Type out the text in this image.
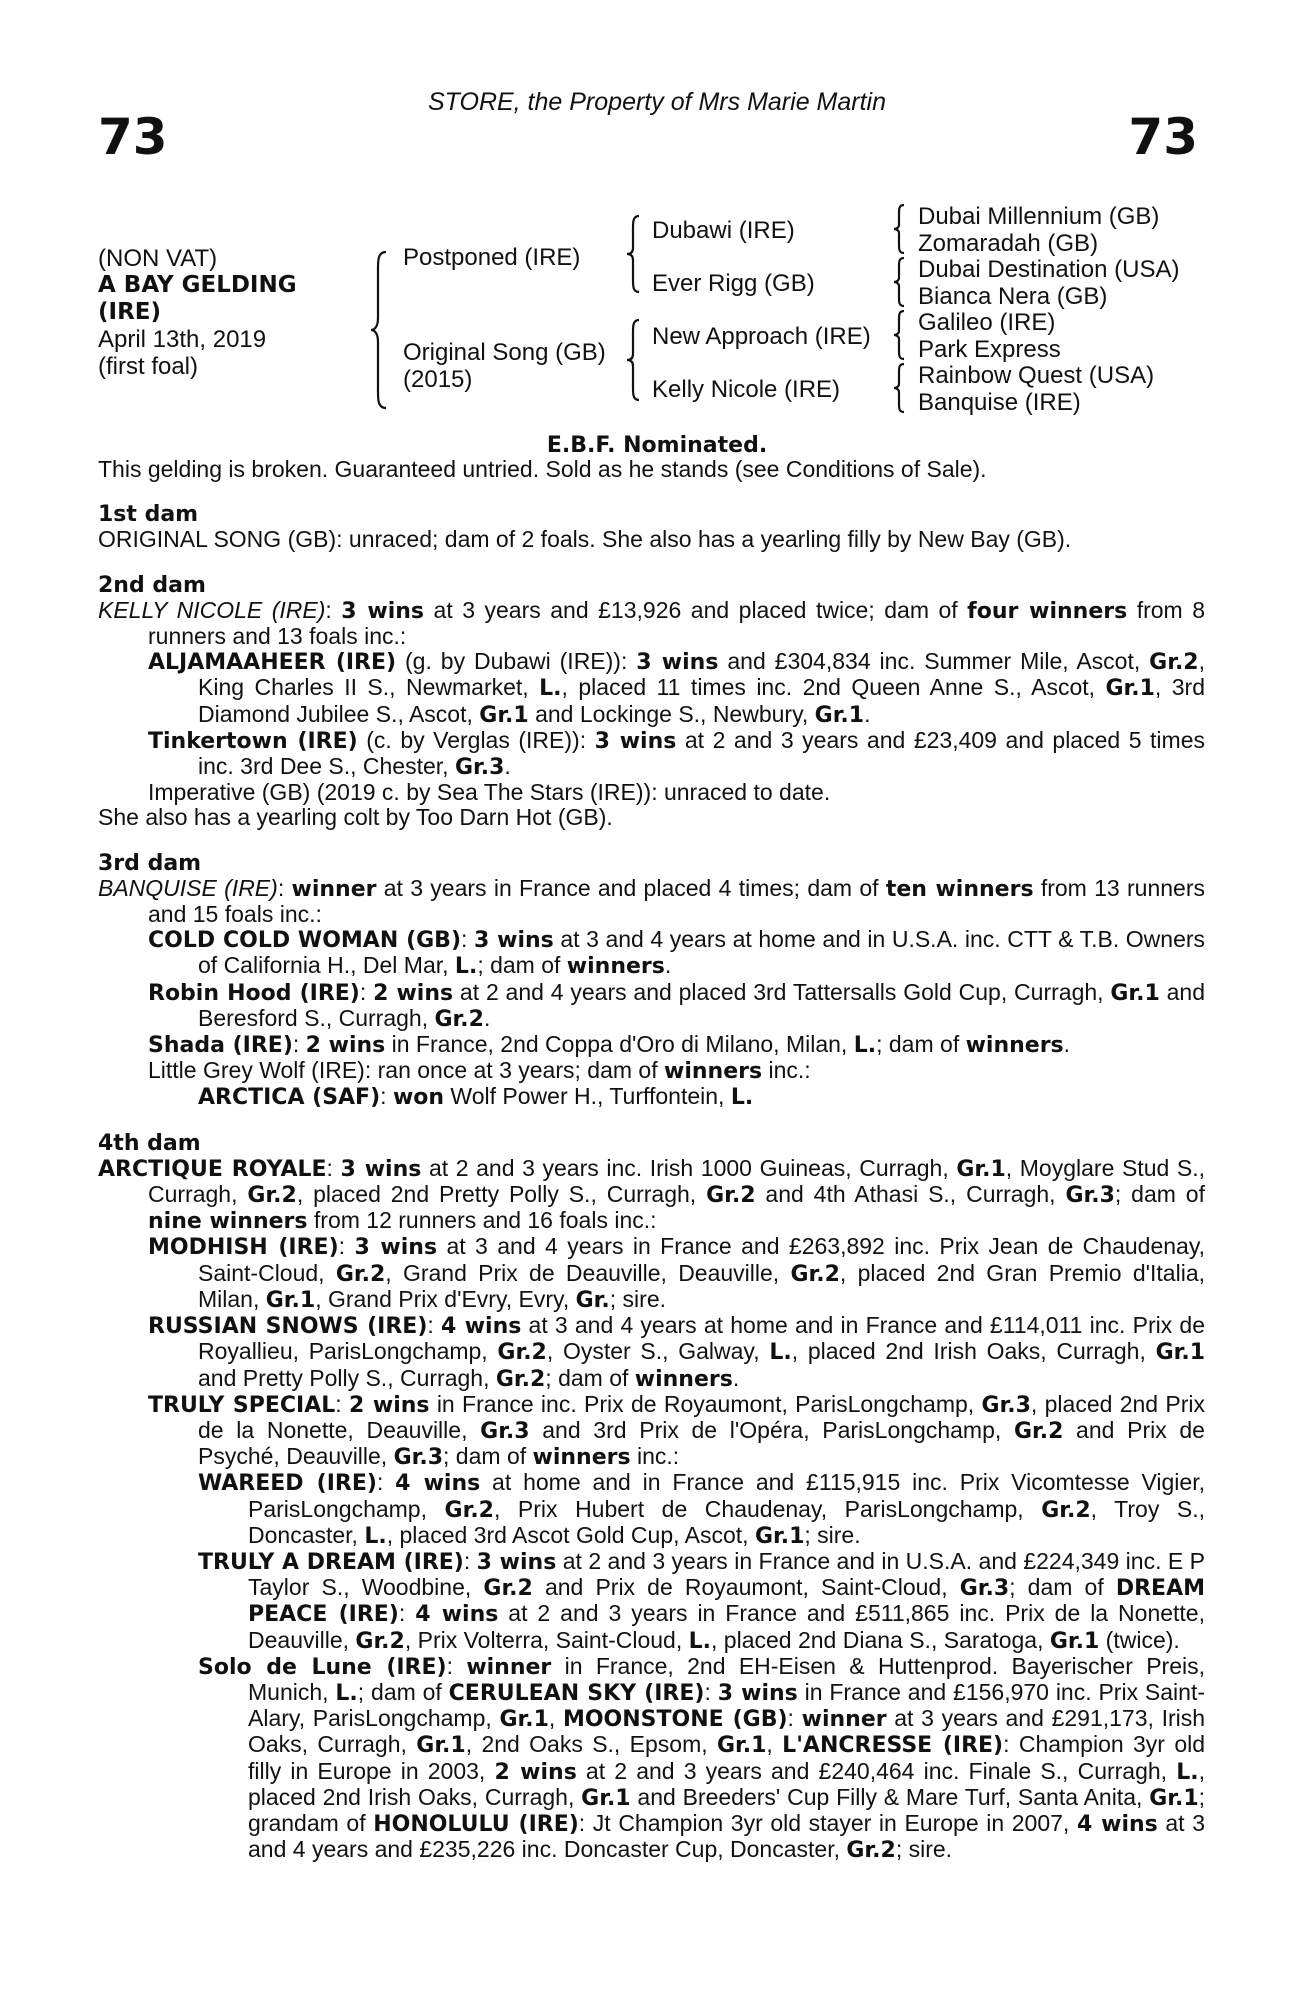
73
STORE, the Property of Mrs Marie Martin
73
(NON VAT)
A BAY GELDING
(IRE)
April 13th, 2019
(first foal)
Postponed (IRE)
Original Song (GB)
(2015)
Dubawi (IRE)
Ever Rigg (GB)
New Approach (IRE)
Kelly Nicole (IRE)
Dubai Millennium (GB)
Zomaradah (GB)
Dubai Destination (USA)
Bianca Nera (GB)
Galileo (IRE)
Park Express
Rainbow Quest (USA)
Banquise (IRE)
E.B.F. Nominated.

This gelding is broken. Guaranteed untried. Sold as he stands (see Conditions of Sale).

1st dam

ORIGINAL SONG (GB): unraced; dam of 2 foals. She also has a yearling filly by New Bay (GB).

2nd dam

KELLY NICOLE (IRE): 3 wins at 3 years and £13,926 and placed twice; dam of four winners from 8 runners and 13 foals inc.:

ALJAMAAHEER (IRE) (g. by Dubawi (IRE)): 3 wins and £304,834 inc. Summer Mile, Ascot, Gr.2, King Charles II S., Newmarket, L., placed 11 times inc. 2nd Queen Anne S., Ascot, Gr.1, 3rd Diamond Jubilee S., Ascot, Gr.1 and Lockinge S., Newbury, Gr.1.

Tinkertown (IRE) (c. by Verglas (IRE)): 3 wins at 2 and 3 years and £23,409 and placed 5 times inc. 3rd Dee S., Chester, Gr.3.

Imperative (GB) (2019 c. by Sea The Stars (IRE)): unraced to date.

She also has a yearling colt by Too Darn Hot (GB).

3rd dam

BANQUISE (IRE): winner at 3 years in France and placed 4 times; dam of ten winners from 13 runners and 15 foals inc.:

COLD COLD WOMAN (GB): 3 wins at 3 and 4 years at home and in U.S.A. inc. CTT & T.B. Owners of California H., Del Mar, L.; dam of winners.

Robin Hood (IRE): 2 wins at 2 and 4 years and placed 3rd Tattersalls Gold Cup, Curragh, Gr.1 and Beresford S., Curragh, Gr.2.

Shada (IRE): 2 wins in France, 2nd Coppa d'Oro di Milano, Milan, L.; dam of winners.

Little Grey Wolf (IRE): ran once at 3 years; dam of winners inc.:

ARCTICA (SAF): won Wolf Power H., Turffontein, L.

4th dam

ARCTIQUE ROYALE: 3 wins at 2 and 3 years inc. Irish 1000 Guineas, Curragh, Gr.1, Moyglare Stud S., Curragh, Gr.2, placed 2nd Pretty Polly S., Curragh, Gr.2 and 4th Athasi S., Curragh, Gr.3; dam of nine winners from 12 runners and 16 foals inc.:

MODHISH (IRE): 3 wins at 3 and 4 years in France and £263,892 inc. Prix Jean de Chaudenay, Saint-Cloud, Gr.2, Grand Prix de Deauville, Deauville, Gr.2, placed 2nd Gran Premio d'Italia, Milan, Gr.1, Grand Prix d'Evry, Evry, Gr.; sire.

RUSSIAN SNOWS (IRE): 4 wins at 3 and 4 years at home and in France and £114,011 inc. Prix de Royallieu, ParisLongchamp, Gr.2, Oyster S., Galway, L., placed 2nd Irish Oaks, Curragh, Gr.1 and Pretty Polly S., Curragh, Gr.2; dam of winners.

TRULY SPECIAL: 2 wins in France inc. Prix de Royaumont, ParisLongchamp, Gr.3, placed 2nd Prix de la Nonette, Deauville, Gr.3 and 3rd Prix de l'Opéra, ParisLongchamp, Gr.2 and Prix de Psyché, Deauville, Gr.3; dam of winners inc.:

WAREED (IRE): 4 wins at home and in France and £115,915 inc. Prix Vicomtesse Vigier, ParisLongchamp, Gr.2, Prix Hubert de Chaudenay, ParisLongchamp, Gr.2, Troy S., Doncaster, L., placed 3rd Ascot Gold Cup, Ascot, Gr.1; sire.

TRULY A DREAM (IRE): 3 wins at 2 and 3 years in France and in U.S.A. and £224,349 inc. E P Taylor S., Woodbine, Gr.2 and Prix de Royaumont, Saint-Cloud, Gr.3; dam of DREAM PEACE (IRE): 4 wins at 2 and 3 years in France and £511,865 inc. Prix de la Nonette, Deauville, Gr.2, Prix Volterra, Saint-Cloud, L., placed 2nd Diana S., Saratoga, Gr.1 (twice).

Solo de Lune (IRE): winner in France, 2nd EH-Eisen & Huttenprod. Bayerischer Preis, Munich, L.; dam of CERULEAN SKY (IRE): 3 wins in France and £156,970 inc. Prix Saint-Alary, ParisLongchamp, Gr.1, MOONSTONE (GB): winner at 3 years and £291,173, Irish Oaks, Curragh, Gr.1, 2nd Oaks S., Epsom, Gr.1, L'ANCRESSE (IRE): Champion 3yr old filly in Europe in 2003, 2 wins at 2 and 3 years and £240,464 inc. Finale S., Curragh, L., placed 2nd Irish Oaks, Curragh, Gr.1 and Breeders' Cup Filly & Mare Turf, Santa Anita, Gr.1; grandam of HONOLULU (IRE): Jt Champion 3yr old stayer in Europe in 2007, 4 wins at 3 and 4 years and £235,226 inc. Doncaster Cup, Doncaster, Gr.2; sire.
